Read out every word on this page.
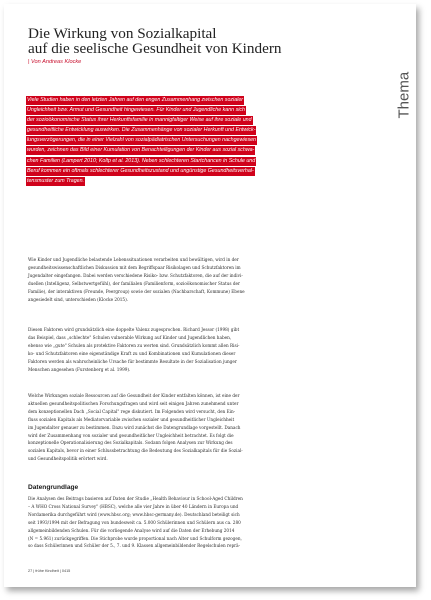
Die Wirkung von Sozialkapital
auf die seelische Gesundheit von Kindern
| Von Andreas Klocke
Thema
Viele Studien haben in den letzten Jahren auf den engen Zusammenhang zwischen sozialer
Ungleichheit bzw. Armut und Gesundheit hingewiesen. Für Kinder und Jugendliche kann sich
der sozioökonomische Status ihrer Herkunftsfamilie in mannigfaltiger Weise auf ihre soziale und
gesundheitliche Entwicklung auswirken. Die Zusammenhänge von sozialer Herkunft und Entwick-
lungsverzögerungen, die in einer Vielzahl von sozialpädiatrischen Untersuchungen nachgewiesen
wurden, zeichnen das Bild einer Kumulation von Benachteiligungen der Kinder aus sozial schwa-
chen Familien (Lampert 2010; Koltp et al. 2013). Neben schlechteren Startchancen in Schule und
Beruf kommen ein oftmals schlechterer Gesundheitszustand und ungünstige Gesundheitsverhal-
tensmuster zum Tragen.
Wie Kinder und Jugendliche belastende Lebenssituationen verarbeiten und bewältigen, wird in der
gesundheitswissenschaftlichen Diskussion mit dem Begriffspaar Risikolagen und Schutzfaktoren im
Jugendalter eingefangen. Dabei werden verschiedene Risiko- bzw. Schutzfaktoren, die auf der indivi-
duellen (Intelligenz, Selbstwertgefühl), der familialen (Familienform, sozioökonomischer Status der
Familie), der interaktiven (Freunde, Peergroup) sowie der sozialen (Nachbarschaft, Kommune) Ebene
angesiedelt sind, unterschieden (Klocke 2015).
Diesen Faktoren wird grundsätzlich eine doppelte Valenz zugesprochen. Richard Jessor (1998) gibt
das Beispiel, dass „schlechte" Schulen vulnerable Wirkung auf Kinder und Jugendlichen haben,
ebenso wie „gute" Schulen als protektive Faktoren zu werten sind. Grundsätzlich kommt allen Risi-
ko- und Schutzfaktoren eine eigenständige Kraft zu und Kombinationen und Kumulationen dieser
Faktoren werden als wahrscheinliche Ursache für bestimmte Resultate in der Sozialisation junger
Menschen angesehen (Furstenberg et al. 1999).
Welche Wirkungen soziale Ressourcen auf die Gesundheit der Kinder entfalten können, ist eine der
aktuellen gesundheitspolitischen Forschungsfragen und wird seit einigen Jahren zunehmend unter
dem konzeptionellen Dach „Social Capital" rege diskutiert. Im Folgenden wird versucht, den Ein-
fluss sozialen Kapitals als Mediatorvariable zwischen sozialer und gesundheitlicher Ungleichheit
im Jugendalter genauer zu bestimmen. Dazu wird zunächst die Datengrundlage vorgestellt. Danach
wird der Zusammenhang von sozialer und gesundheitlicher Ungleichheit betrachtet. Es folgt die
konzeptionelle Operationalisierung des Sozialkapitals. Sodann folgen Analysen zur Wirkung des
sozialen Kapitals, bevor in einer Schlussbetrachtung die Bedeutung des Sozialkapitals für die Sozial-
und Gesundheitspolitik erörtert wird.
Datengrundlage
Die Analysen des Beitrags basieren auf Daten der Studie „Health Behaviour in School-Aged Children
– A WHO Cross National Survey" (HBSC), welche alle vier Jahre in über 40 Ländern in Europa und
Nordamerika durchgeführt wird (www.hbsc.org; www.hbsc-germany.de). Deutschland beteiligt sich
seit 1993/1994 mit der Befragung von bundesweit ca. 5.000 Schülerinnen und Schülern aus ca. 280
allgemeinbildenden Schulen. Für die vorliegende Analyse wird auf die Daten der Erhebung 2014
(N = 5.961) zurückgegriffen. Die Stichprobe wurde proportional nach Alter und Schulform gezogen,
so dass Schülerinnen und Schüler der 5., 7. und 9. Klassen allgemeinbildender Regelschulen reprä-
27 | frühe Kindheit | 0415
